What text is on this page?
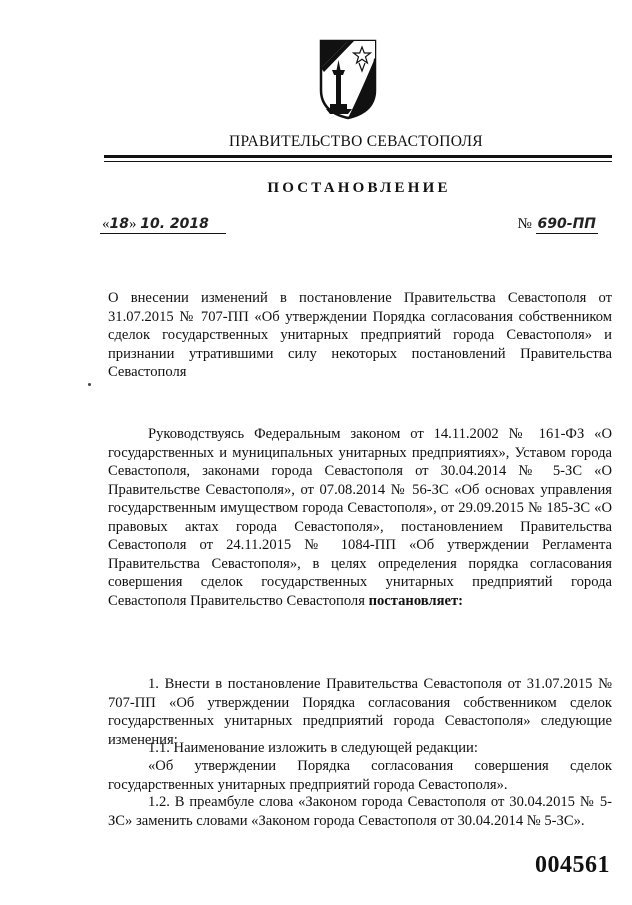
ПРАВИТЕЛЬСТВО СЕВАСТОПОЛЯ
ПОСТАНОВЛЕНИЕ
«18» 10. 2018	№ 690-ПП

О внесении изменений в постановление Правительства Севастополя от 31.07.2015 № 707-ПП «Об утверждении Порядка согласования собственником сделок государственных унитарных предприятий города Севастополя» и признании утратившими силу некоторых постановлений Правительства Севастополя

Руководствуясь Федеральным законом от 14.11.2002 № 161-ФЗ «О государственных и муниципальных унитарных предприятиях», Уставом города Севастополя, законами города Севастополя от 30.04.2014 № 5-ЗС «О Правительстве Севастополя», от 07.08.2014 № 56-ЗС «Об основах управления государственным имуществом города Севастополя», от 29.09.2015 № 185-ЗС «О правовых актах города Севастополя», постановлением Правительства Севастополя от 24.11.2015 № 1084-ПП «Об утверждении Регламента Правительства Севастополя», в целях определения порядка согласования совершения сделок государственных унитарных предприятий города Севастополя Правительство Севастополя постановляет:

1. Внести в постановление Правительства Севастополя от 31.07.2015 № 707-ПП «Об утверждении Порядка согласования собственником сделок государственных унитарных предприятий города Севастополя» следующие изменения:

1.1. Наименование изложить в следующей редакции:

«Об утверждении Порядка согласования совершения сделок государственных унитарных предприятий города Севастополя».

1.2. В преамбуле слова «Законом города Севастополя от 30.04.2015 № 5-ЗС» заменить словами «Законом города Севастополя от 30.04.2014 № 5-ЗС».

004561
